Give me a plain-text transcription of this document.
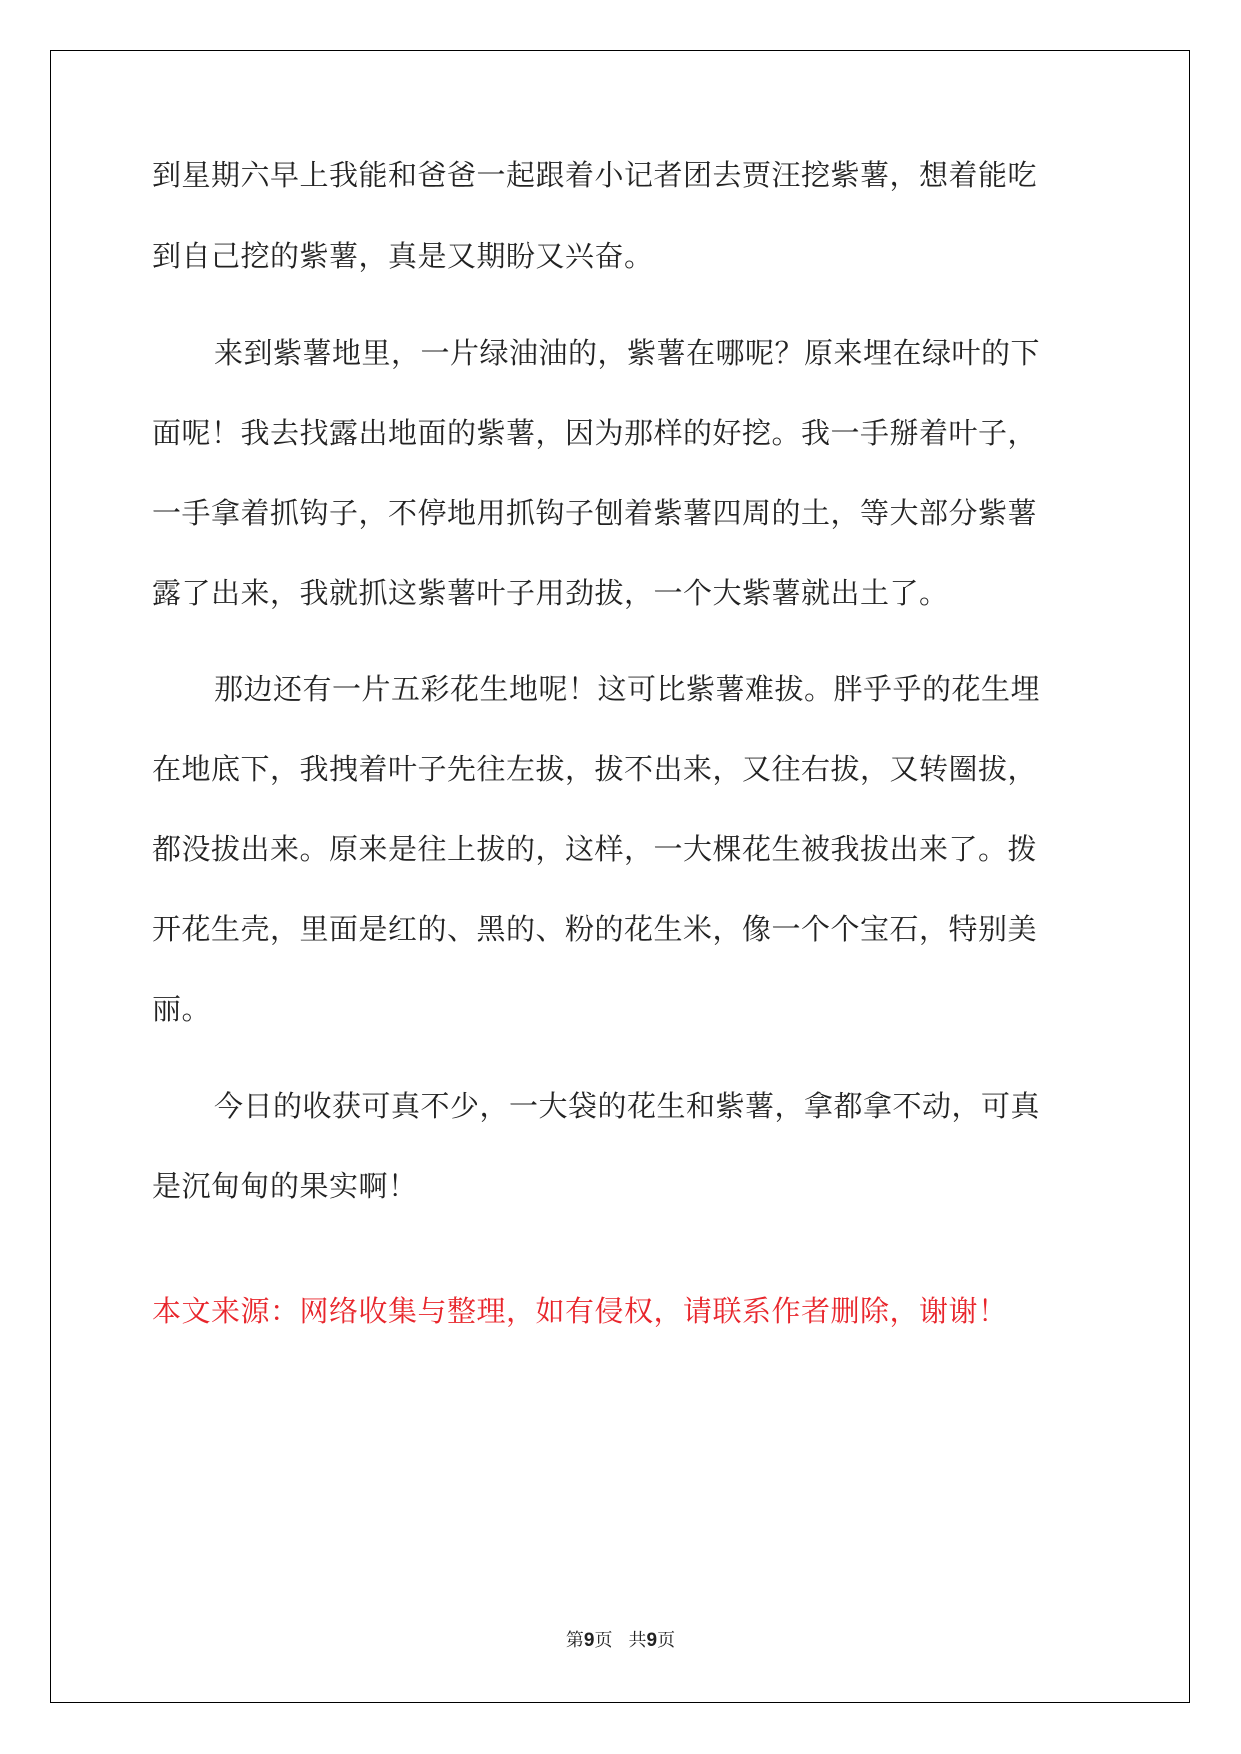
到星期六早上我能和爸爸一起跟着小记者团去贾汪挖紫薯，想着能吃
到自己挖的紫薯，真是又期盼又兴奋。
来到紫薯地里，一片绿油油的，紫薯在哪呢？原来埋在绿叶的下
面呢！我去找露出地面的紫薯，因为那样的好挖。我一手掰着叶子，
一手拿着抓钩子，不停地用抓钩子刨着紫薯四周的土，等大部分紫薯
露了出来，我就抓这紫薯叶子用劲拔，一个大紫薯就出土了。
那边还有一片五彩花生地呢！这可比紫薯难拔。胖乎乎的花生埋
在地底下，我拽着叶子先往左拔，拔不出来，又往右拔，又转圈拔，
都没拔出来。原来是往上拔的，这样，一大棵花生被我拔出来了。拨
开花生壳，里面是红的、黑的、粉的花生米，像一个个宝石，特别美
丽。
今日的收获可真不少，一大袋的花生和紫薯，拿都拿不动，可真
是沉甸甸的果实啊！
本文来源：网络收集与整理，如有侵权，请联系作者删除，谢谢！
第9页 共9页
